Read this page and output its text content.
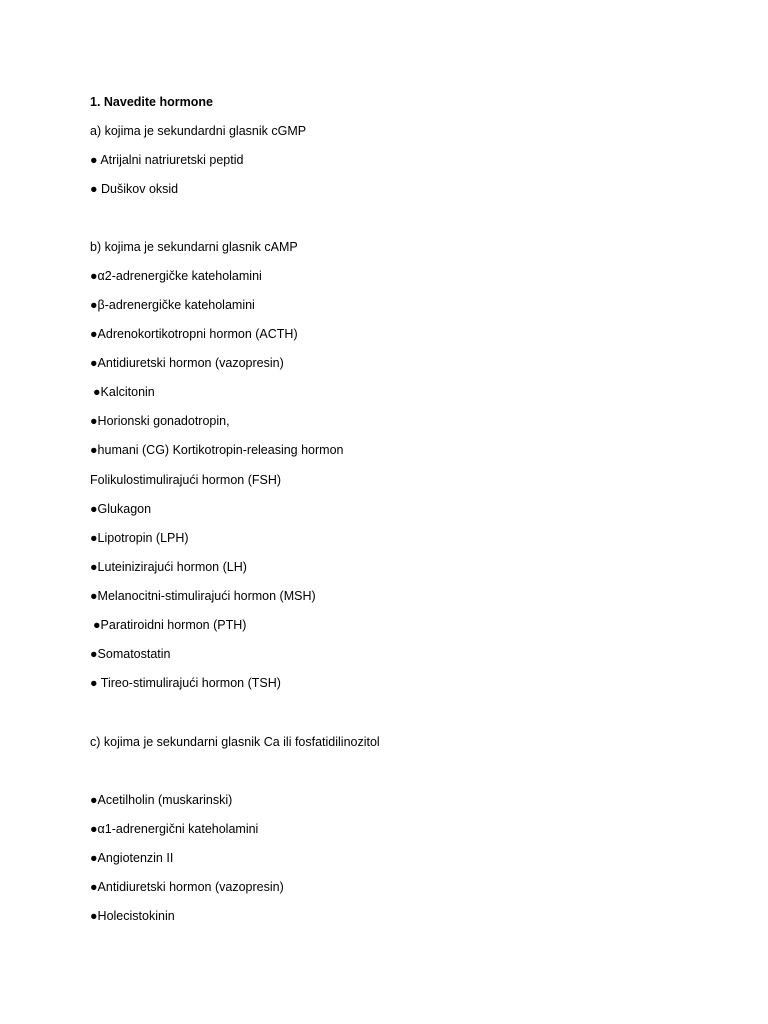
1. Navedite hormone
a) kojima je sekundardni glasnik cGMP
● Atrijalni natriuretski peptid
● Dušikov oksid
b) kojima je sekundarni glasnik cAMP
●α2-adrenergičke kateholamini
●β-adrenergičke kateholamini
●Adrenokortikotropni hormon (ACTH)
●Antidiuretski hormon (vazopresin)
●Kalcitonin
●Horionski gonadotropin,
●humani (CG) Kortikotropin-releasing hormon
Folikulostimulirajući hormon (FSH)
●Glukagon
●Lipotropin (LPH)
●Luteinizirajući hormon (LH)
●Melanocitni-stimulirajući hormon (MSH)
●Paratiroidni hormon (PTH)
●Somatostatin
● Tireo-stimulirajući hormon (TSH)
c) kojima je sekundarni glasnik Ca ili fosfatidilinozitol
●Acetilholin (muskarinski)
●α1-adrenergični kateholamini
●Angiotenzin II
●Antidiuretski hormon (vazopresin)
●Holecistokinin
